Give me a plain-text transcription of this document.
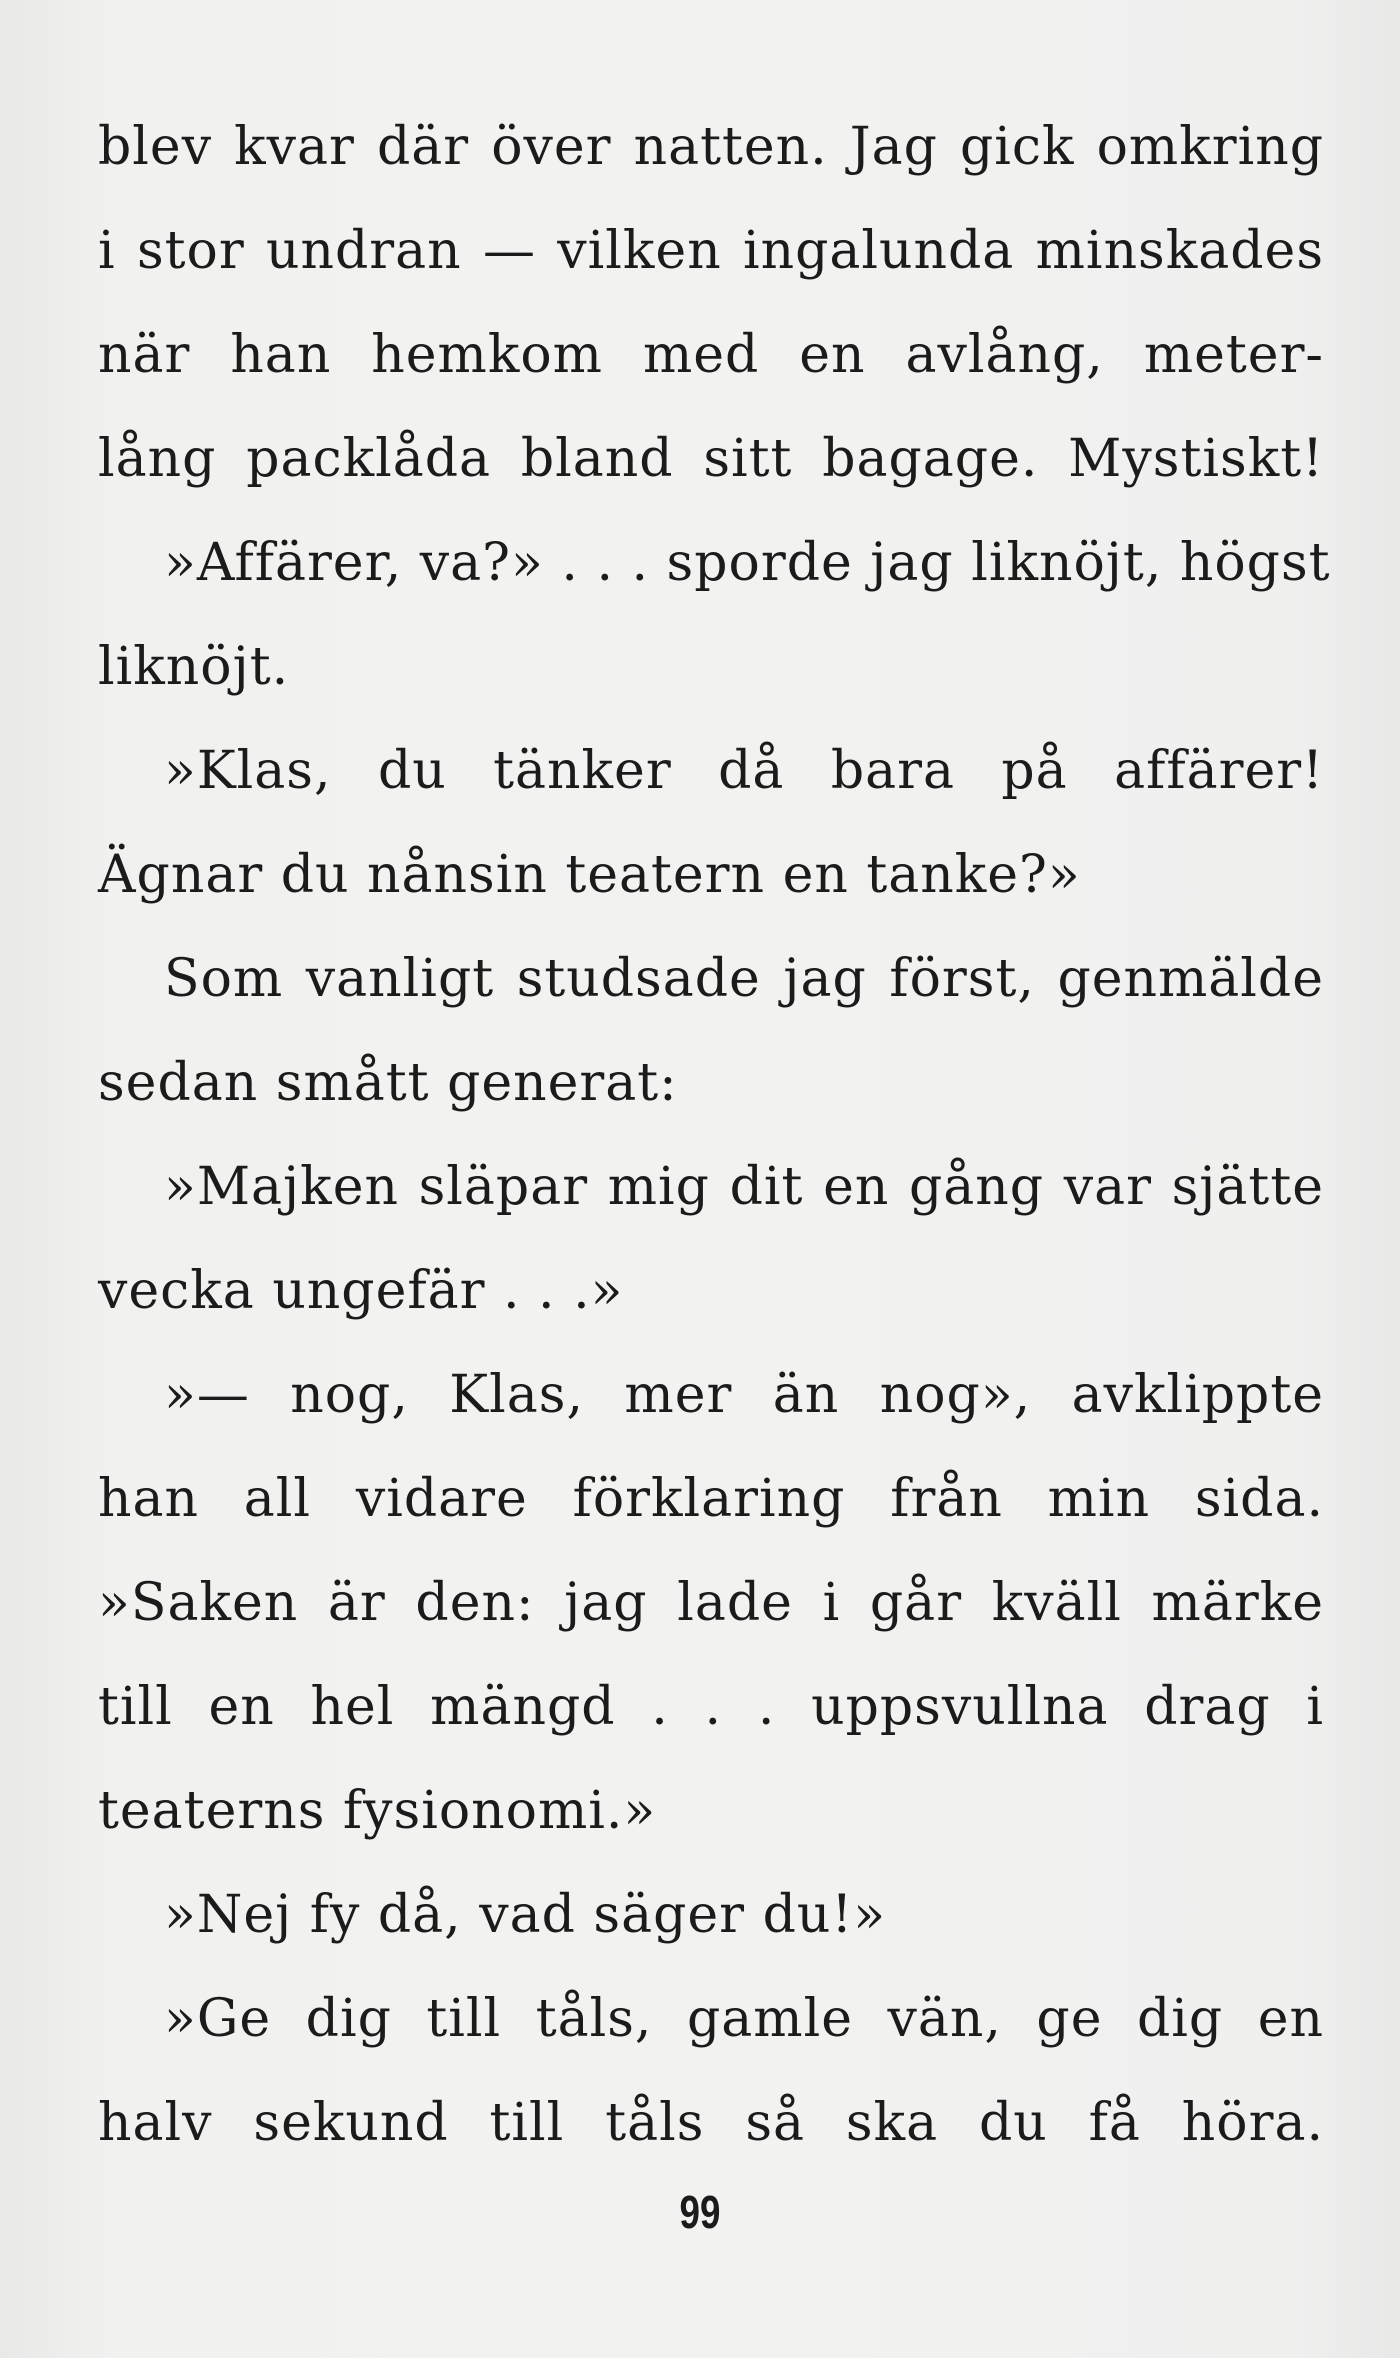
blev kvar där över natten. Jag gick omkring
i stor undran — vilken ingalunda minskades
när han hemkom med en avlång, meter-
lång packlåda bland sitt bagage. Mystiskt!
»Affärer, va?» . . . sporde jag liknöjt, högst
liknöjt.
»Klas, du tänker då bara på affärer!
Ägnar du nånsin teatern en tanke?»
Som vanligt studsade jag först, genmälde
sedan smått generat:
»Majken släpar mig dit en gång var sjätte
vecka ungefär . . .»
»— nog, Klas, mer än nog», avklippte
han all vidare förklaring från min sida.
»Saken är den: jag lade i går kväll märke
till en hel mängd . . . uppsvullna drag i
teaterns fysionomi.»
»Nej fy då, vad säger du!»
»Ge dig till tåls, gamle vän, ge dig en
halv sekund till tåls så ska du få höra.
99
